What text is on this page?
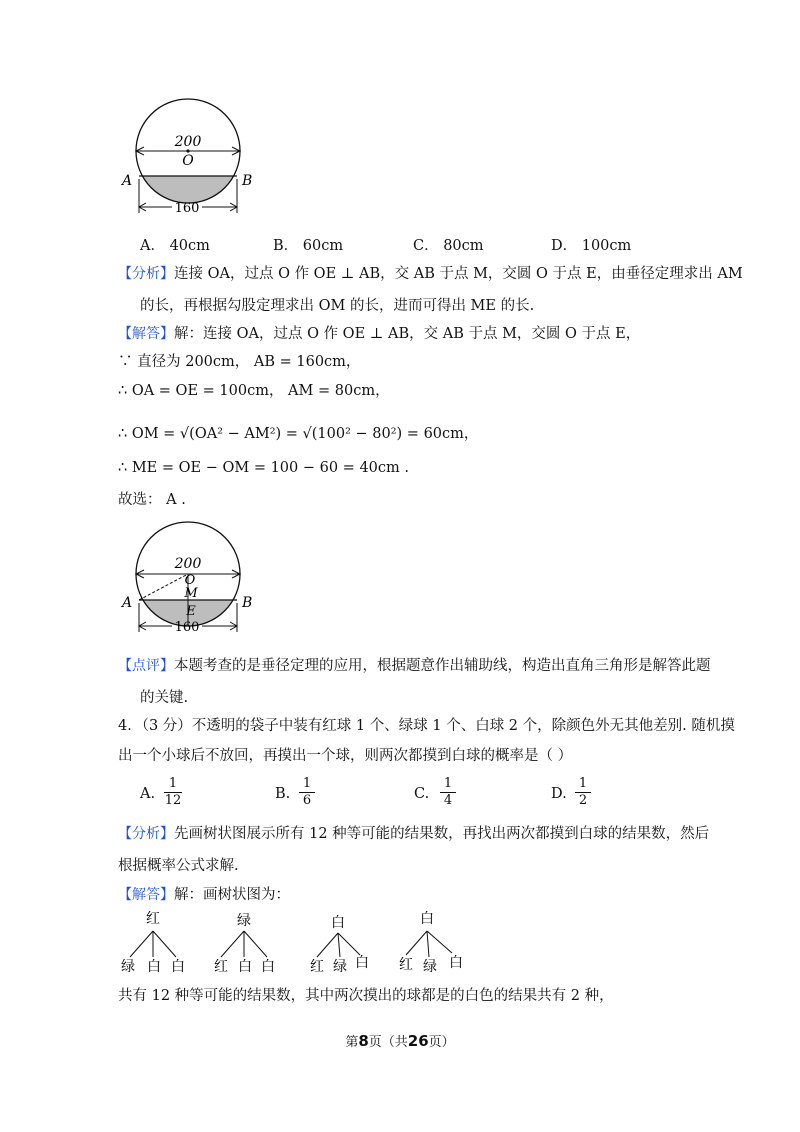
200
O
A	B
160
A． 40cm	B． 60cm	C． 80cm	D． 100cm
【分析】连接 OA，过点 O 作 OE ⊥ AB，交 AB 于点 M，交圆 O 于点 E，由垂径定理求出 AM
的长，再根据勾股定理求出 OM 的长，进而可得出 ME 的长.
【解答】解：连接 OA，过点 O 作 OE ⊥ AB，交 AB 于点 M，交圆 O 于点 E，
∵ 直径为 200cm， AB = 160cm，
∴ OA = OE = 100cm， AM = 80cm，
∴ OM = √(OA² − AM²) = √(100² − 80²) = 60cm，
∴ ME = OE − OM = 100 − 60 = 40cm .
故选： A .
200
O
M
E
A	B
160
【点评】本题考查的是垂径定理的应用，根据题意作出辅助线，构造出直角三角形是解答此题
的关键.
4．（3 分）不透明的袋子中装有红球 1 个、绿球 1 个、白球 2 个，除颜色外无其他差别. 随机摸
出一个小球后不放回，再摸出一个球，则两次都摸到白球的概率是（ ）
A. $\frac{1}{12}$	B. $\frac{1}{6}$	C. $\frac{1}{4}$	D. $\frac{1}{2}$
【分析】先画树状图展示所有 12 种等可能的结果数，再找出两次都摸到白球的结果数，然后
根据概率公式求解.
【解答】解：画树状图为：
红
绿 白 白
绿
红 白 白
白
红 绿 白
白
红 绿 白
共有 12 种等可能的结果数，其中两次摸出的球都是的白色的结果共有 2 种，
第8页（共26页）
